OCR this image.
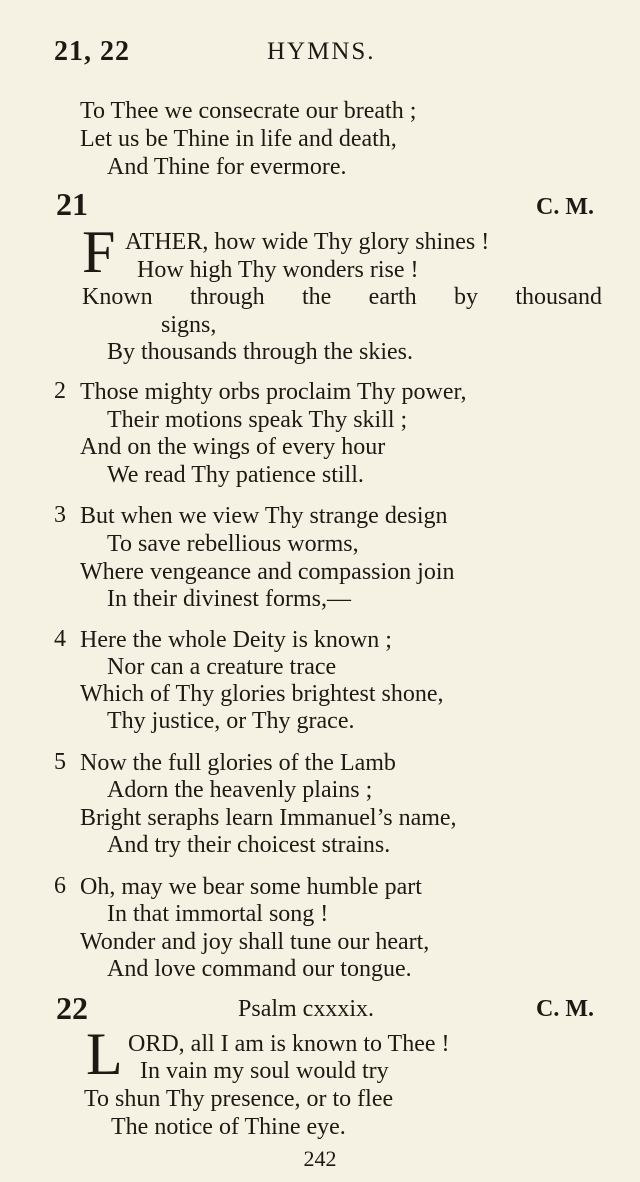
21, 22	HYMNS.
To Thee we consecrate our breath ;
Let us be Thine in life and death,
And Thine for evermore.
21	C. M.
F ATHER, how wide Thy glory shines !
How high Thy wonders rise !
Known through the earth by thousand
signs,
By thousands through the skies.
2 Those mighty orbs proclaim Thy power,
Their motions speak Thy skill ;
And on the wings of every hour
We read Thy patience still.
3 But when we view Thy strange design
To save rebellious worms,
Where vengeance and compassion join
In their divinest forms,—
4 Here the whole Deity is known ;
Nor can a creature trace
Which of Thy glories brightest shone,
Thy justice, or Thy grace.
5 Now the full glories of the Lamb
Adorn the heavenly plains ;
Bright seraphs learn Immanuel’s name,
And try their choicest strains.
6 Oh, may we bear some humble part
In that immortal song !
Wonder and joy shall tune our heart,
And love command our tongue.
22	Psalm cxxxix.	C. M.
L ORD, all I am is known to Thee !
In vain my soul would try
To shun Thy presence, or to flee
The notice of Thine eye.
242
